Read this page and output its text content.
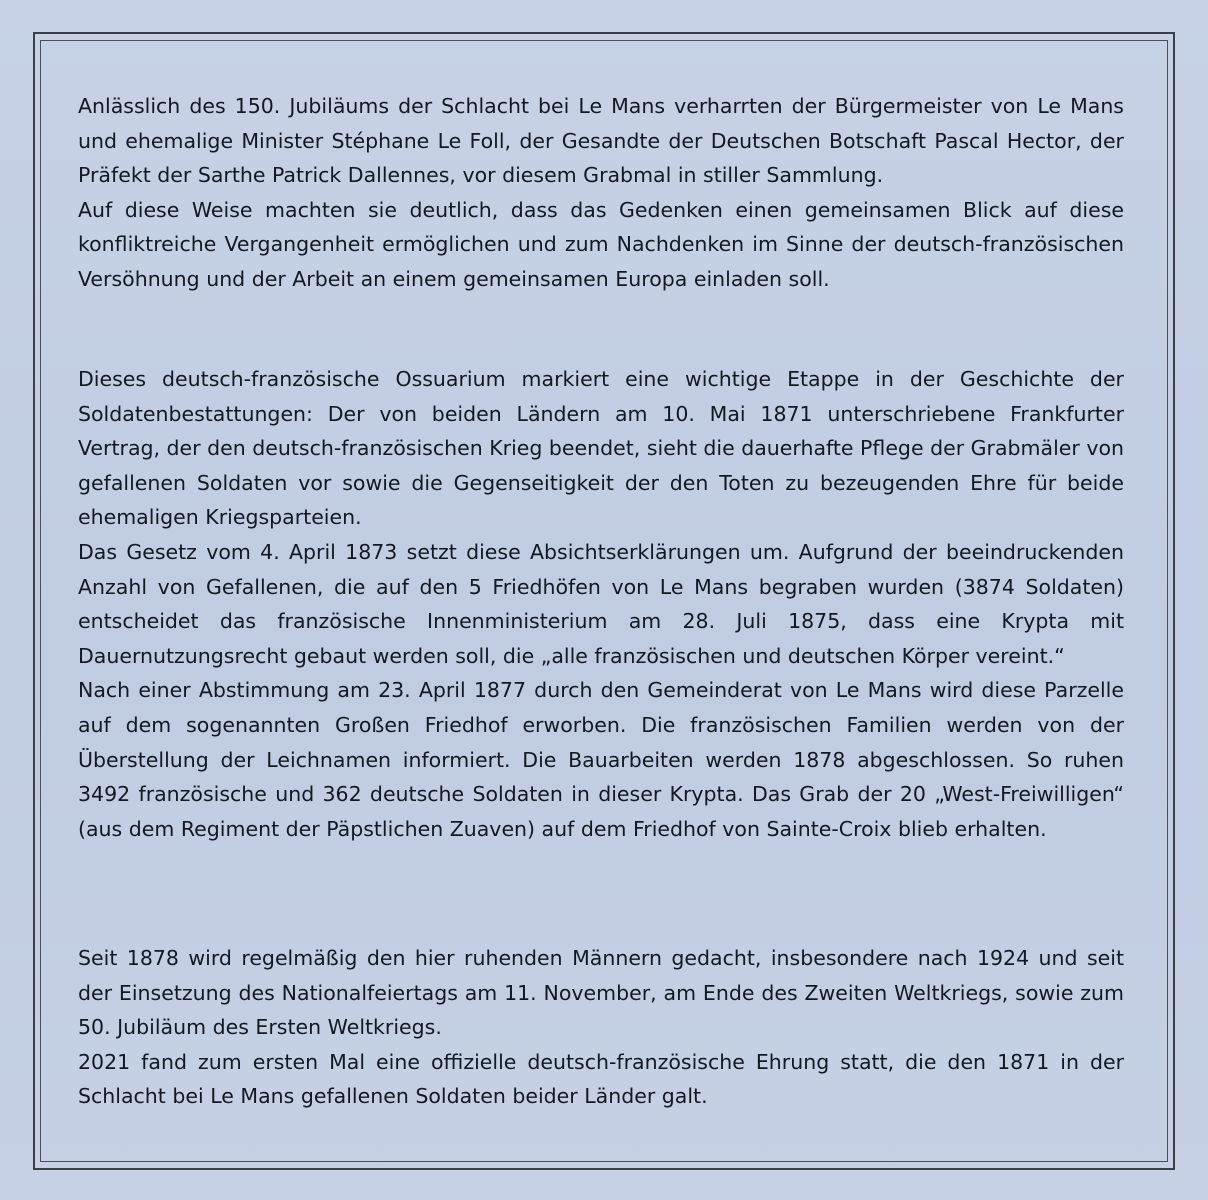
Anlässlich des 150. Jubiläums der Schlacht bei Le Mans verharrten der Bürgermeister von Le Mans und ehemalige Minister Stéphane Le Foll, der Gesandte der Deutschen Botschaft Pascal Hector, der Präfekt der Sarthe Patrick Dallennes, vor diesem Grabmal in stiller Sammlung.

Auf diese Weise machten sie deutlich, dass das Gedenken einen gemeinsamen Blick auf diese konfliktreiche Vergangenheit ermöglichen und zum Nachdenken im Sinne der deutsch-französischen Versöhnung und der Arbeit an einem gemeinsamen Europa einladen soll.

Dieses deutsch-französische Ossuarium markiert eine wichtige Etappe in der Geschichte der Soldatenbestattungen: Der von beiden Ländern am 10. Mai 1871 unterschriebene Frankfurter Vertrag, der den deutsch-französischen Krieg beendet, sieht die dauerhafte Pflege der Grabmäler von gefallenen Soldaten vor sowie die Gegenseitigkeit der den Toten zu bezeugenden Ehre für beide ehemaligen Kriegsparteien.

Das Gesetz vom 4. April 1873 setzt diese Absichtserklärungen um. Aufgrund der beeindruckenden Anzahl von Gefallenen, die auf den 5 Friedhöfen von Le Mans begraben wurden (3874 Soldaten) entscheidet das französische Innenministerium am 28. Juli 1875, dass eine Krypta mit Dauernutzungsrecht gebaut werden soll, die „alle französischen und deutschen Körper vereint.“

Nach einer Abstimmung am 23. April 1877 durch den Gemeinderat von Le Mans wird diese Parzelle auf dem sogenannten Großen Friedhof erworben. Die französischen Familien werden von der Überstellung der Leichnamen informiert. Die Bauarbeiten werden 1878 abgeschlossen. So ruhen 3492 französische und 362 deutsche Soldaten in dieser Krypta. Das Grab der 20 „West-Freiwilligen“ (aus dem Regiment der Päpstlichen Zuaven) auf dem Friedhof von Sainte-Croix blieb erhalten.

Seit 1878 wird regelmäßig den hier ruhenden Männern gedacht, insbesondere nach 1924 und seit der Einsetzung des Nationalfeiertags am 11. November, am Ende des Zweiten Weltkriegs, sowie zum 50. Jubiläum des Ersten Weltkriegs.

2021 fand zum ersten Mal eine offizielle deutsch-französische Ehrung statt, die den 1871 in der Schlacht bei Le Mans gefallenen Soldaten beider Länder galt.
